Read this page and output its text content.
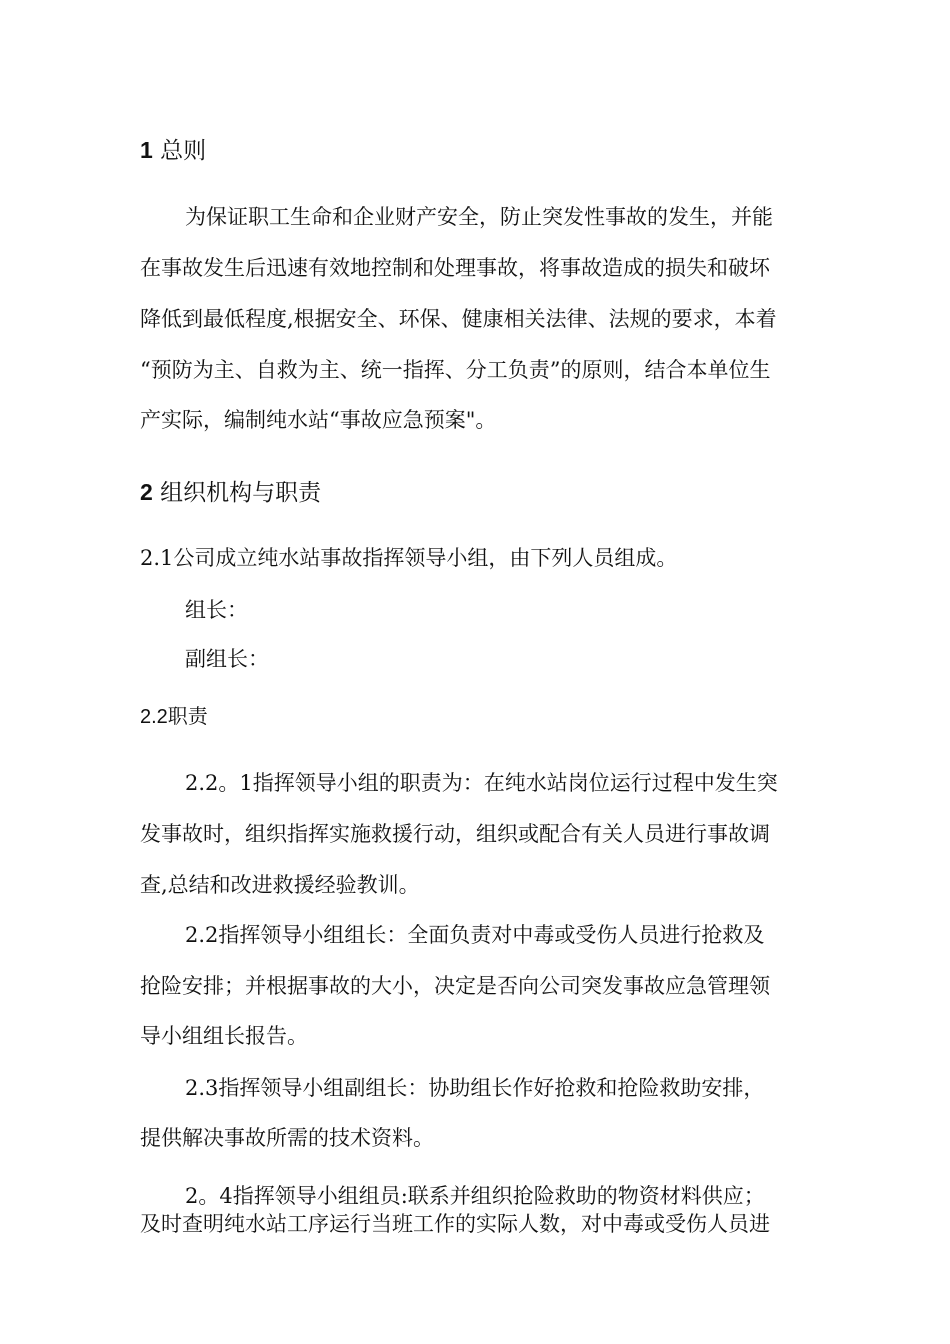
1 总则
为保证职工生命和企业财产安全，防止突发性事故的发生，并能
在事故发生后迅速有效地控制和处理事故，将事故造成的损失和破坏
降低到最低程度,根据安全、环保、健康相关法律、法规的要求，本着
“预防为主、自救为主、统一指挥、分工负责”的原则，结合本单位生
产实际，编制纯水站“事故应急预案"。
2 组织机构与职责
2.1公司成立纯水站事故指挥领导小组，由下列人员组成。
组长：
副组长：
2.2职责
2.2。1指挥领导小组的职责为：在纯水站岗位运行过程中发生突
发事故时，组织指挥实施救援行动，组织或配合有关人员进行事故调
查,总结和改进救援经验教训。
2.2指挥领导小组组长：全面负责对中毒或受伤人员进行抢救及
抢险安排；并根据事故的大小，决定是否向公司突发事故应急管理领
导小组组长报告。
2.3指挥领导小组副组长：协助组长作好抢救和抢险救助安排，
提供解决事故所需的技术资料。
2。4指挥领导小组组员:联系并组织抢险救助的物资材料供应；
及时查明纯水站工序运行当班工作的实际人数，对中毒或受伤人员进
